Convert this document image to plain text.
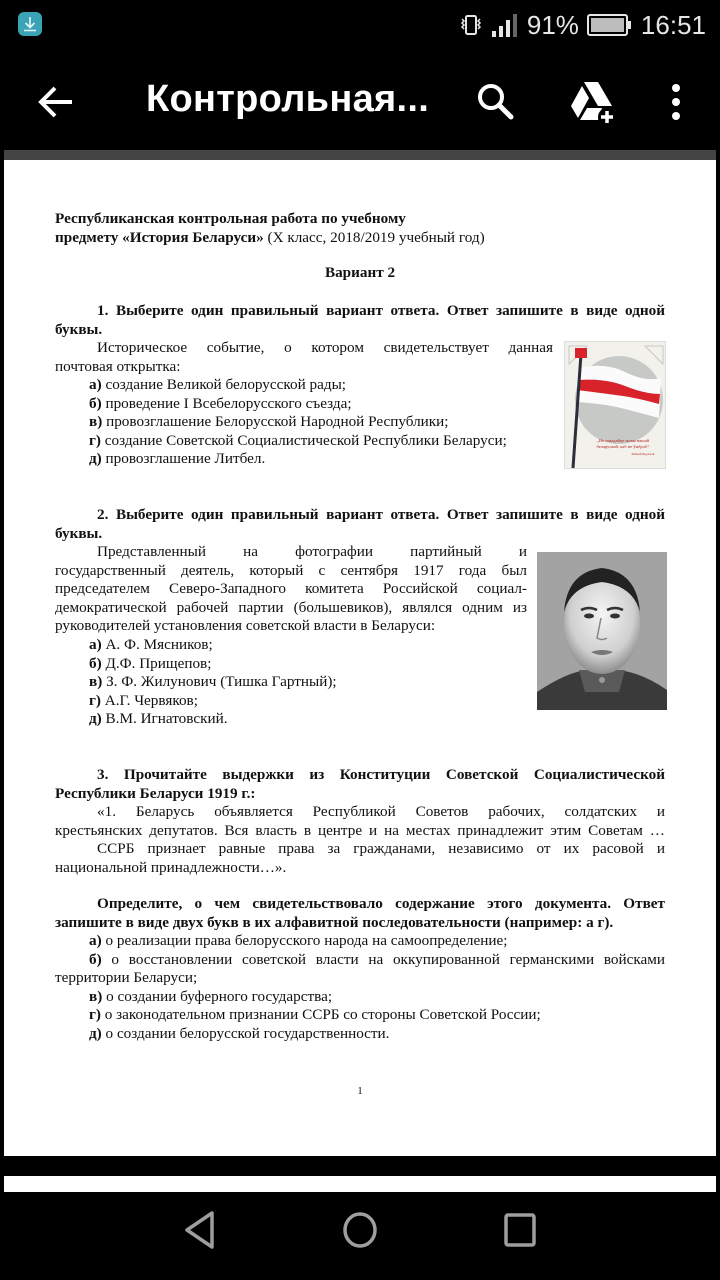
91% 16:51
Контрольная...
Республиканская контрольная работа по учебному
предмету «История Беларуси» (X класс, 2018/2019 учебный год)
Вариант 2
1. Выберите один правильный вариант ответа. Ответ запишите в виде одной
буквы.
Историческое событие, о котором свидетельствует данная
почтовая открытка:
а) создание Великой белорусской рады;
б) проведение I Всебелорусского съезда;
в) провозглашение Белорусской Народной Республики;
г) создание Советской Социалистической Республики Беларуси;
д) провозглашение Литбел.
„Не пакідайце мовы нашай
беларускай, каб не ўмёрлі!“
Мацей Бурачок
2. Выберите один правильный вариант ответа. Ответ запишите в виде одной
буквы.
Представленный на фотографии партийный и
государственный деятель, который с сентября 1917 года был
председателем Северо-Западного комитета Российской социал-
демократической рабочей партии (большевиков), являлся одним из
руководителей установления советской власти в Беларуси:
а) А. Ф. Мясников;
б) Д.Ф. Прищепов;
в) З. Ф. Жилунович (Тишка Гартный);
г) А.Г. Червяков;
д) В.М. Игнатовский.
3. Прочитайте выдержки из Конституции Советской Социалистической
Республики Беларуси 1919 г.:
«1. Беларусь объявляется Республикой Советов рабочих, солдатских и
крестьянских депутатов. Вся власть в центре и на местах принадлежит этим Советам …
ССРБ признает равные права за гражданами, независимо от их расовой и
национальной принадлежности…».
Определите, о чем свидетельствовало содержание этого документа. Ответ
запишите в виде двух букв в их алфавитной последовательности (например: а г).
а) о реализации права белорусского народа на самоопределение;
б) о восстановлении советской власти на оккупированной германскими войсками
территории Беларуси;
в) о создании буферного государства;
г) о законодательном признании ССРБ со стороны Советской России;
д) о создании белорусской государственности.
1
